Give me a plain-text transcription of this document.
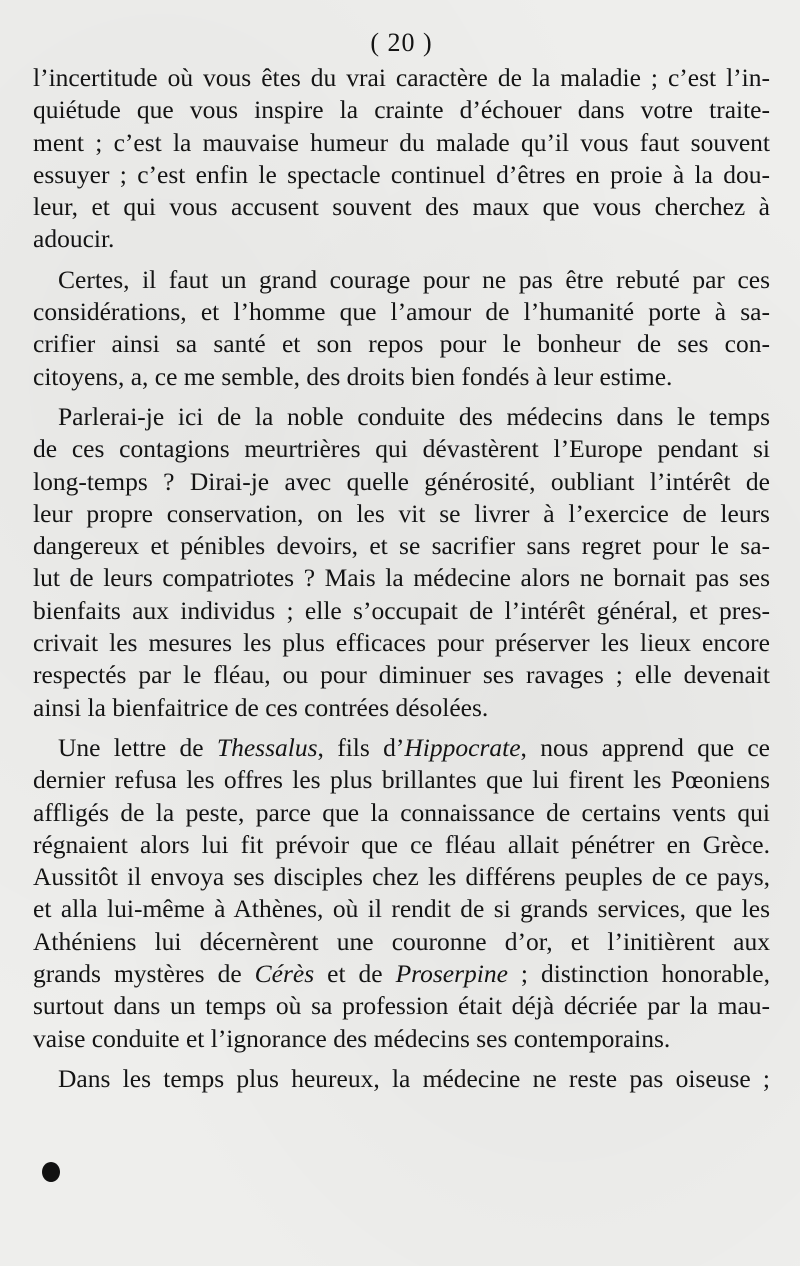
( 20 )
l’incertitude où vous êtes du vrai caractère de la maladie ; c’est l’in-
quiétude que vous inspire la crainte d’échouer dans votre traite-
ment ; c’est la mauvaise humeur du malade qu’il vous faut souvent
essuyer ; c’est enfin le spectacle continuel d’êtres en proie à la dou-
leur, et qui vous accusent souvent des maux que vous cherchez à
adoucir.
Certes, il faut un grand courage pour ne pas être rebuté par ces
considérations, et l’homme que l’amour de l’humanité porte à sa-
crifier ainsi sa santé et son repos pour le bonheur de ses con-
citoyens, a, ce me semble, des droits bien fondés à leur estime.
Parlerai-je ici de la noble conduite des médecins dans le temps
de ces contagions meurtrières qui dévastèrent l’Europe pendant si
long-temps ? Dirai-je avec quelle générosité, oubliant l’intérêt de
leur propre conservation, on les vit se livrer à l’exercice de leurs
dangereux et pénibles devoirs, et se sacrifier sans regret pour le sa-
lut de leurs compatriotes ? Mais la médecine alors ne bornait pas ses
bienfaits aux individus ; elle s’occupait de l’intérêt général, et pres-
crivait les mesures les plus efficaces pour préserver les lieux encore
respectés par le fléau, ou pour diminuer ses ravages ; elle devenait
ainsi la bienfaitrice de ces contrées désolées.
Une lettre de Thessalus, fils d’Hippocrate, nous apprend que ce
dernier refusa les offres les plus brillantes que lui firent les Pœoniens
affligés de la peste, parce que la connaissance de certains vents qui
régnaient alors lui fit prévoir que ce fléau allait pénétrer en Grèce.
Aussitôt il envoya ses disciples chez les différens peuples de ce pays,
et alla lui-même à Athènes, où il rendit de si grands services, que les
Athéniens lui décernèrent une couronne d’or, et l’initièrent aux
grands mystères de Cérès et de Proserpine ; distinction honorable,
surtout dans un temps où sa profession était déjà décriée par la mau-
vaise conduite et l’ignorance des médecins ses contemporains.
Dans les temps plus heureux, la médecine ne reste pas oiseuse ;
